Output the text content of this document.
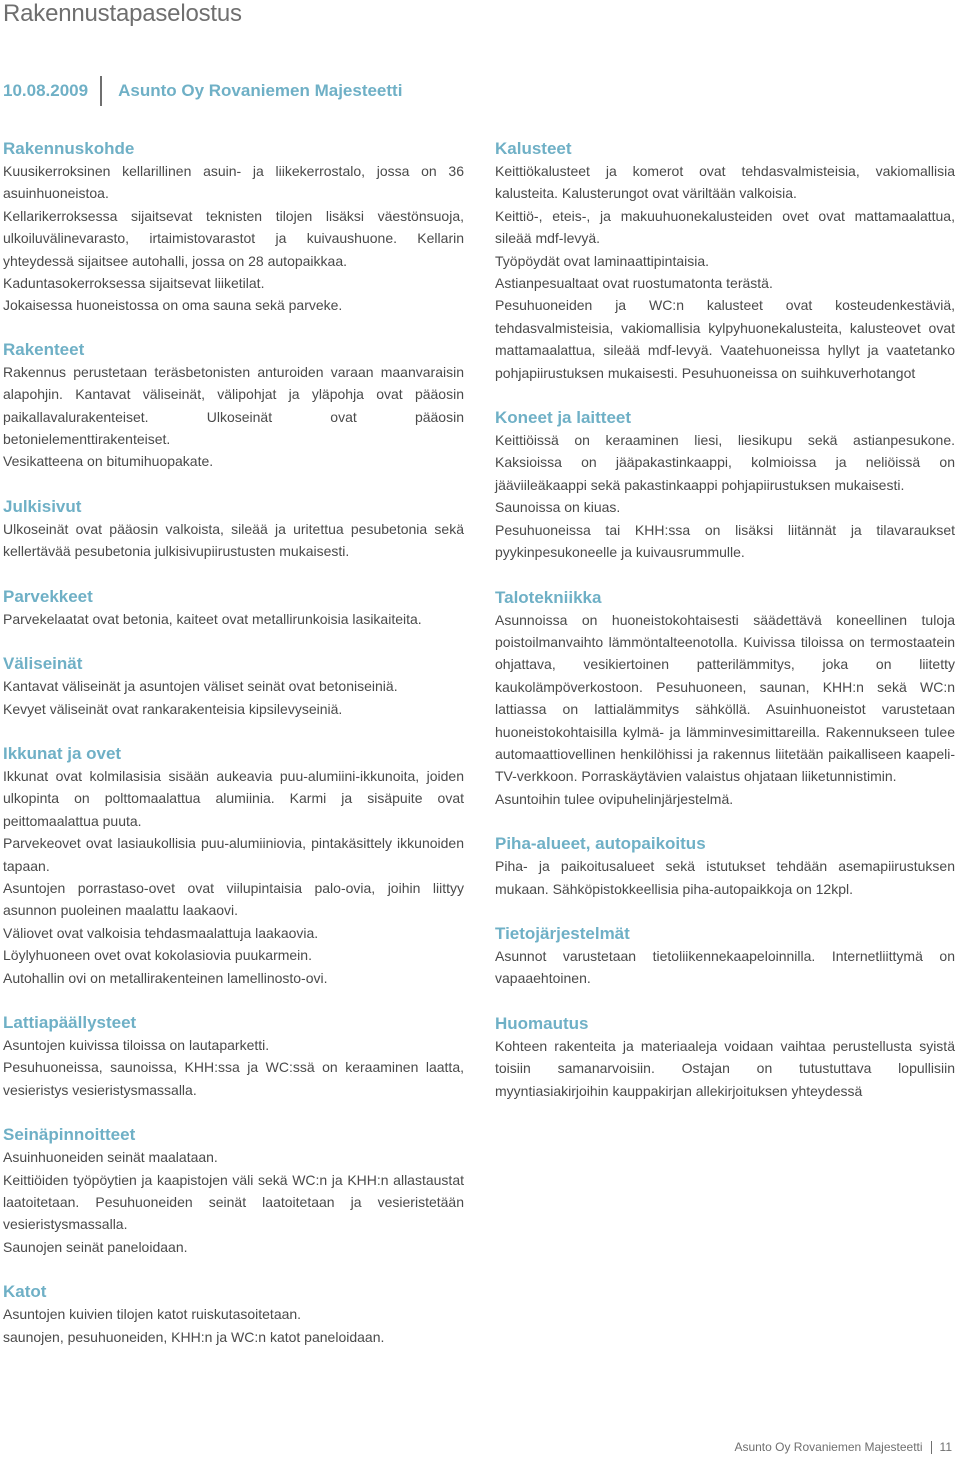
Rakennustapaselostus
10.08.2009 Asunto Oy Rovaniemen Majesteetti
Rakennuskohde

Kuusikerroksinen kellarillinen asuin- ja liikekerrostalo, jossa on 36 asuinhuoneistoa.

Kellarikerroksessa sijaitsevat teknisten tilojen lisäksi väestönsuoja, ulkoiluvälinevarasto, irtaimistovarastot ja kuivaushuone. Kellarin yhteydessä sijaitsee autohalli, jossa on 28 autopaikkaa.

Kaduntasokerroksessa sijaitsevat liiketilat.

Jokaisessa huoneistossa on oma sauna sekä parveke.

Rakenteet

Rakennus perustetaan teräsbetonisten anturoiden varaan maanvaraisin alapohjin. Kantavat väliseinät, välipohjat ja yläpohja ovat pääosin paikallavalurakenteiset. Ulkoseinät ovat pääosin betonielementtirakenteiset.

Vesikatteena on bitumihuopakate.

Julkisivut

Ulkoseinät ovat pääosin valkoista, sileää ja uritettua pesubetonia sekä kellertävää pesubetonia julkisivupiirustusten mukaisesti.

Parvekkeet

Parvekelaatat ovat betonia, kaiteet ovat metallirunkoisia lasikaiteita.

Väliseinät

Kantavat väliseinät ja asuntojen väliset seinät ovat betoniseiniä.

Kevyet väliseinät ovat rankarakenteisia kipsilevyseiniä.

Ikkunat ja ovet

Ikkunat ovat kolmilasisia sisään aukeavia puu-alumiini-ikkunoita, joiden ulkopinta on polttomaalattua alumiinia. Karmi ja sisäpuite ovat peittomaalattua puuta.

Parvekeovet ovat lasiaukollisia puu-alumiiniovia, pintakäsittely ikkunoiden tapaan.

Asuntojen porrastaso-ovet ovat viilupintaisia palo-ovia, joihin liittyy asunnon puoleinen maalattu laakaovi.

Väliovet ovat valkoisia tehdasmaalattuja laakaovia.

Löylyhuoneen ovet ovat kokolasiovia puukarmein.

Autohallin ovi on metallirakenteinen lamellinosto-ovi.

Lattiapäällysteet

Asuntojen kuivissa tiloissa on lautaparketti.

Pesuhuoneissa, saunoissa, KHH:ssa ja WC:ssä on keraaminen laatta, vesieristys vesieristysmassalla.

Seinäpinnoitteet

Asuinhuoneiden seinät maalataan.

Keittiöiden työpöytien ja kaapistojen väli sekä WC:n ja KHH:n allastaustat laatoitetaan. Pesuhuoneiden seinät laatoitetaan ja vesieristetään vesieristysmassalla.

Saunojen seinät paneloidaan.

Katot

Asuntojen kuivien tilojen katot ruiskutasoitetaan.

saunojen, pesuhuoneiden, KHH:n ja WC:n katot paneloidaan.

Kalusteet

Keittiökalusteet ja komerot ovat tehdasvalmisteisia, vakiomallisia kalusteita. Kalusterungot ovat väriltään valkoisia.

Keittiö-, eteis-, ja makuuhuonekalusteiden ovet ovat mattamaalattua, sileää mdf-levyä.

Työpöydät ovat laminaattipintaisia.

Astianpesualtaat ovat ruostumatonta terästä.

Pesuhuoneiden ja WC:n kalusteet ovat kosteudenkestäviä, tehdasvalmisteisia, vakiomallisia kylpyhuonekalusteita, kalusteovet ovat mattamaalattua, sileää mdf-levyä. Vaatehuoneissa hyllyt ja vaatetanko pohjapiirustuksen mukaisesti. Pesuhuoneissa on suihkuverhotangot

Koneet ja laitteet

Keittiöissä on keraaminen liesi, liesikupu sekä astianpesukone. Kaksioissa on jääpakastinkaappi, kolmioissa ja neliöissä on jääviileäkaappi sekä pakastinkaappi pohjapiirustuksen mukaisesti.

Saunoissa on kiuas.

Pesuhuoneissa tai KHH:ssa on lisäksi liitännät ja tilavaraukset pyykinpesukoneelle ja kuivausrummulle.

Talotekniikka

Asunnoissa on huoneistokohtaisesti säädettävä koneellinen tuloja poistoilmanvaihto lämmöntalteenotolla. Kuivissa tiloissa on termostaatein ohjattava, vesikiertoinen patterilämmitys, joka on liitetty kaukolämpöverkostoon. Pesuhuoneen, saunan, KHH:n sekä WC:n lattiassa on lattialämmitys sähköllä. Asuinhuoneistot varustetaan huoneistokohtaisilla kylmä- ja lämminvesimittareilla. Rakennukseen tulee automaattiovellinen henkilöhissi ja rakennus liitetään paikalliseen kaapeli-TV-verkkoon. Porraskäytävien valaistus ohjataan liiketunnistimin.

Asuntoihin tulee ovipuhelinjärjestelmä.

Piha-alueet, autopaikoitus

Piha- ja paikoitusalueet sekä istutukset tehdään asemapiirustuksen mukaan. Sähköpistokkeellisia piha-autopaikkoja on 12kpl.

Tietojärjestelmät

Asunnot varustetaan tietoliikennekaapeloinnilla. Internetliittymä on vapaaehtoinen.

Huomautus

Kohteen rakenteita ja materiaaleja voidaan vaihtaa perustellusta syistä toisiin samanarvoisiin. Ostajan on tutustuttava lopullisiin myyntiasiakirjoihin kauppakirjan allekirjoituksen yhteydessä

Asunto Oy Rovaniemen Majesteetti 11
